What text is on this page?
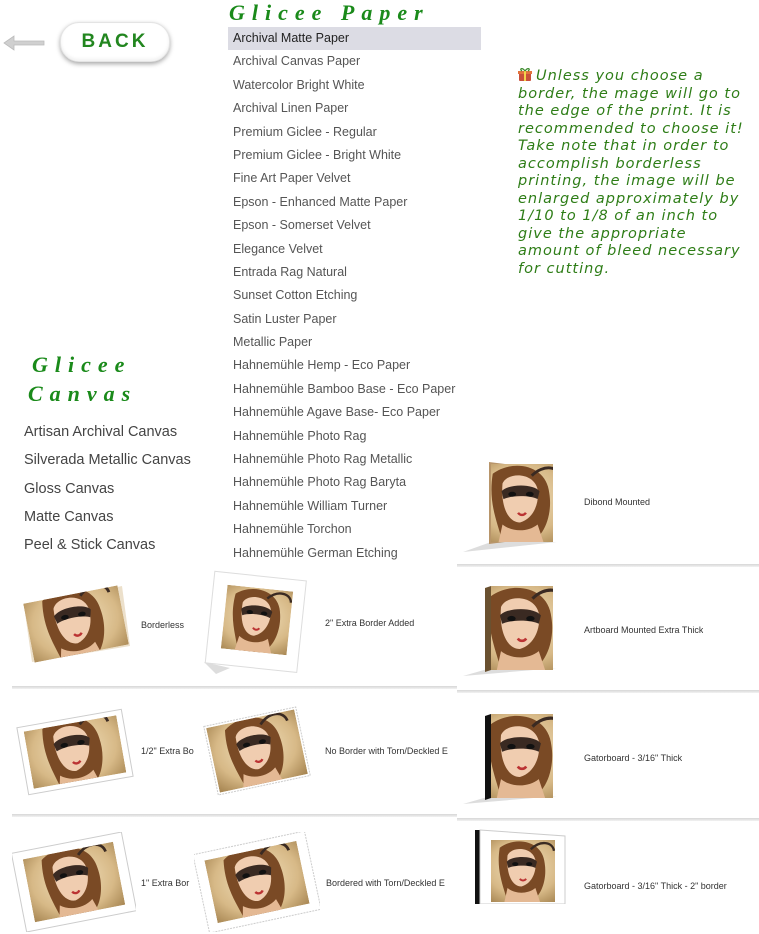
BACK
Glicee Paper
Archival Matte Paper
Archival Canvas Paper
Watercolor Bright White
Archival Linen Paper
Premium Giclee - Regular
Premium Giclee - Bright White
Fine Art Paper Velvet
Epson - Enhanced Matte Paper
Epson - Somerset Velvet
Elegance Velvet
Entrada Rag Natural
Sunset Cotton Etching
Satin Luster Paper
Metallic Paper
Hahnemühle Hemp - Eco Paper
Hahnemühle Bamboo Base - Eco Paper
Hahnemühle Agave Base- Eco Paper
Hahnemühle Photo Rag
Hahnemühle Photo Rag Metallic
Hahnemühle Photo Rag Baryta
Hahnemühle William Turner
Hahnemühle Torchon
Hahnemühle German Etching
Unless you choose a border, the mage will go to the edge of the print. It is recommended to choose it! Take note that in order to accomplish borderless printing, the image will be enlarged approximately by 1/10 to 1/8 of an inch to give the appropriate amount of bleed necessary for cutting.
Glicee
Canvas
Artisan Archival Canvas
Silverada Metallic Canvas
Gloss Canvas
Matte Canvas
Peel & Stick Canvas
Borderless	2" Extra Border Added
1/2" Extra Bo	No Border with Torn/Deckled E
1" Extra Bor	Bordered with Torn/Deckled E
Dibond Mounted
Artboard Mounted Extra Thick
Gatorboard - 3/16" Thick
Gatorboard - 3/16" Thick - 2" border
